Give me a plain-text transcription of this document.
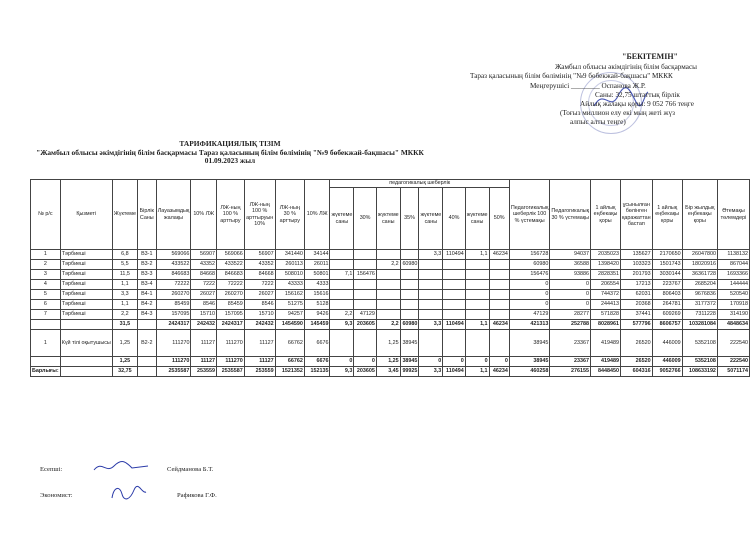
"БЕКІТЕМІН"
Жамбыл облысы әкімдігінің білім басқармасы
Тараз қаласының білім бөлімінің "№9 бөбекжай-бақшасы" МККК
Меңгерушісі ________ Оспанова Ж.Р.
Саны: 32,75 штаттық бірлік
Айлық жалақы қоры: 9 052 766 теңге
(Тоғыз миллион елу екі мың жеті жүз
алпыс алты теңге)
ТАРИФИКАЦИЯЛЫҚ ТІЗІМ
"Жамбыл облысы әкімдігінің білім басқармасы Тараз қаласының білім бөлімінің "№9 бөбекжай-бақшасы" МККК
01.09.2023 жыл
№ р/с	Қызметі	Жүктеме	Бірлік Саны	Лауазымдық жалақы	10% ЛЖ	ЛЖ-ның 100 % арттыру	ЛЖ-ның 100 % арттыруын 10%	ЛЖ-ның 30 % арттыру	10% ЛЖ	педагогикалық шеберлік								Педагогикалық шеберлік 100 % үстемақы	Педагогикалық 30 % үстемақы	1 айлық еңбекақы қоры	ұсынылған бөлінген қаражаттан бастап	1 айлық еңбекақы қоры	Бір жылдық еңбекақы қоры	Өтемақы төлемдері
										жүктеме саны	30%	жүктеме саны	35%	жүктеме саны	40%	жүктеме саны	50%							
1	Тәрбиеші	6,8	B3-1	569066	56907	569066	56907	341440	34144					3,3	110494	1,1	46234	156728	94037	2035023	135627	2170650	26047800	1138132
2	Тәрбиеші	5,5	B3-2	433522	43352	433522	43352	260113	26011			2,2	60980					60980	36588	1398420	103323	1501743	18020916	867044
3	Тәрбиеші	11,5	B3-3	846683	84668	846683	84668	508010	50801	7,1	156476							156476	93886	2828351	201793	3030144	36361728	1693366
4	Тәрбиеші	1,1	B3-4	72222	7222	72222	7222	43333	4333									0	0	206554	17213	223767	2685204	144444
5	Тәрбиеші	3,3	B4-1	260270	26027	260270	26027	156162	15616									0	0	744372	62031	806403	9676836	520540
6	Тәрбиеші	1,1	B4-2	85459	8546	85459	8546	51275	5128									0	0	244413	20368	264781	3177372	170918
7	Тәрбиеші	2,2	B4-3	157095	15710	157095	15710	94257	9426	2,2	47129							47129	28277	571828	37441	609269	7311228	314190
		31,5		2424317	242432	2424317	242432	1454590	145459	9,3	203605	2,2	60980	3,3	110494	1,1	46234	421313	252788	8028961	577796	8606757	103281084	4848634
1	Күй тілі оқытушысы	1,25	B2-2	111270	11127	111270	11127	66762	6676			1,25	38945					38945	23367	419489	26520	446009	5352108	222540
		1,25		111270	11127	111270	11127	66762	6676	0	0	1,25	38945	0	0	0	0	38945	23367	419489	26520	446009	5352108	222540
Барлығы:		32,75		2535587	253559	2535587	253559	1521352	152135	9,3	203605	3,45	99925	3,3	110494	1,1	46234	460258	276155	8448450	604316	9052766	108633192	5071174
Есепші:	Сейдманова Б.Т.
Экономист:	Рафикова Г.Ф.
